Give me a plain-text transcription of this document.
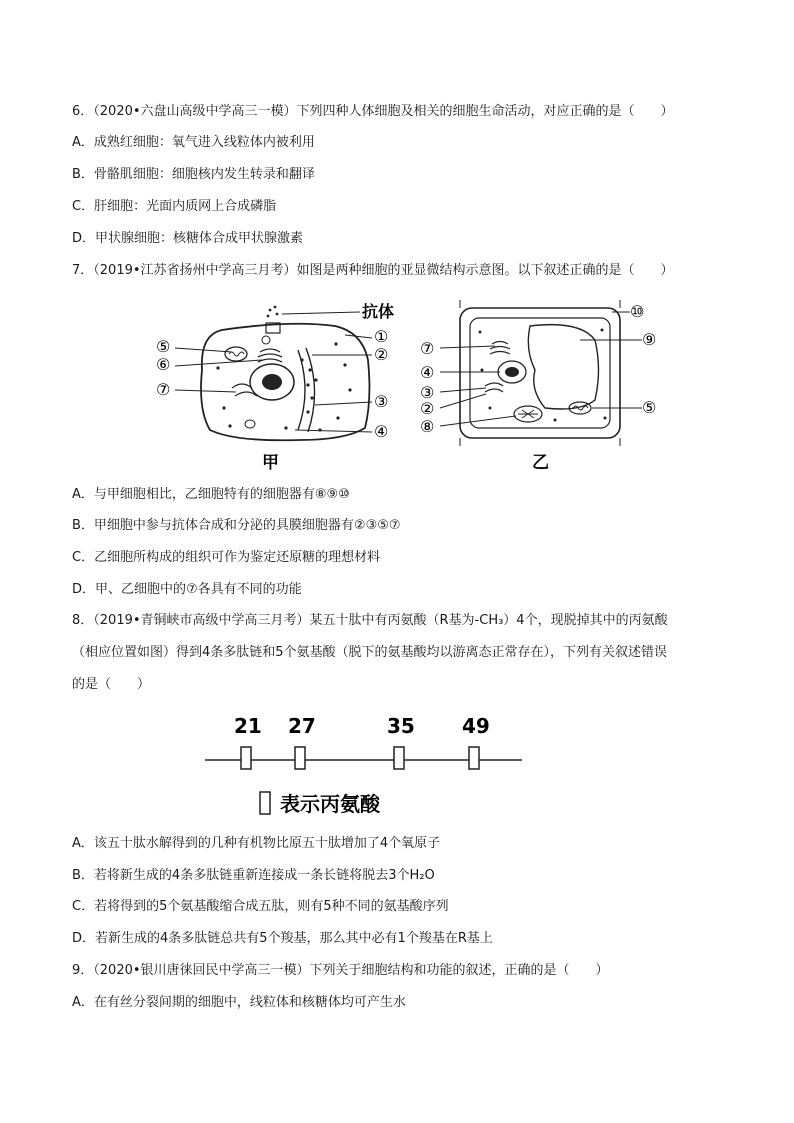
6．（2020•六盘山高级中学高三一模）下列四种人体细胞及相关的细胞生命活动，对应正确的是（　　）
A．成熟红细胞：氧气进入线粒体内被利用
B．骨骼肌细胞：细胞核内发生转录和翻译
C．肝细胞：光面内质网上合成磷脂
D．甲状腺细胞：核糖体合成甲状腺激素
7．（2019•江苏省扬州中学高三月考）如图是两种细胞的亚显微结构示意图。以下叙述正确的是（　　）
⑤
⑥
⑦
①
②
③
④
抗体
甲
⑦
④
③
②
⑧
⑩
⑨
⑤
乙
A．与甲细胞相比，乙细胞特有的细胞器有⑧⑨⑩
B．甲细胞中参与抗体合成和分泌的具膜细胞器有②③⑤⑦
C．乙细胞所构成的组织可作为鉴定还原糖的理想材料
D．甲、乙细胞中的⑦各具有不同的功能
8．（2019•青铜峡市高级中学高三月考）某五十肽中有丙氨酸（R基为-CH₃）4个，现脱掉其中的丙氨酸
（相应位置如图）得到4条多肽链和5个氨基酸（脱下的氨基酸均以游离态正常存在），下列有关叙述错误
的是（　　）
21 27	35 49
表示丙氨酸
A．该五十肽水解得到的几种有机物比原五十肽增加了4个氧原子
B．若将新生成的4条多肽链重新连接成一条长链将脱去3个H₂O
C．若将得到的5个氨基酸缩合成五肽，则有5种不同的氨基酸序列
D．若新生成的4条多肽链总共有5个羧基，那么其中必有1个羧基在R基上
9．（2020•银川唐徕回民中学高三一模）下列关于细胞结构和功能的叙述，正确的是（　　）
A．在有丝分裂间期的细胞中，线粒体和核糖体均可产生水
